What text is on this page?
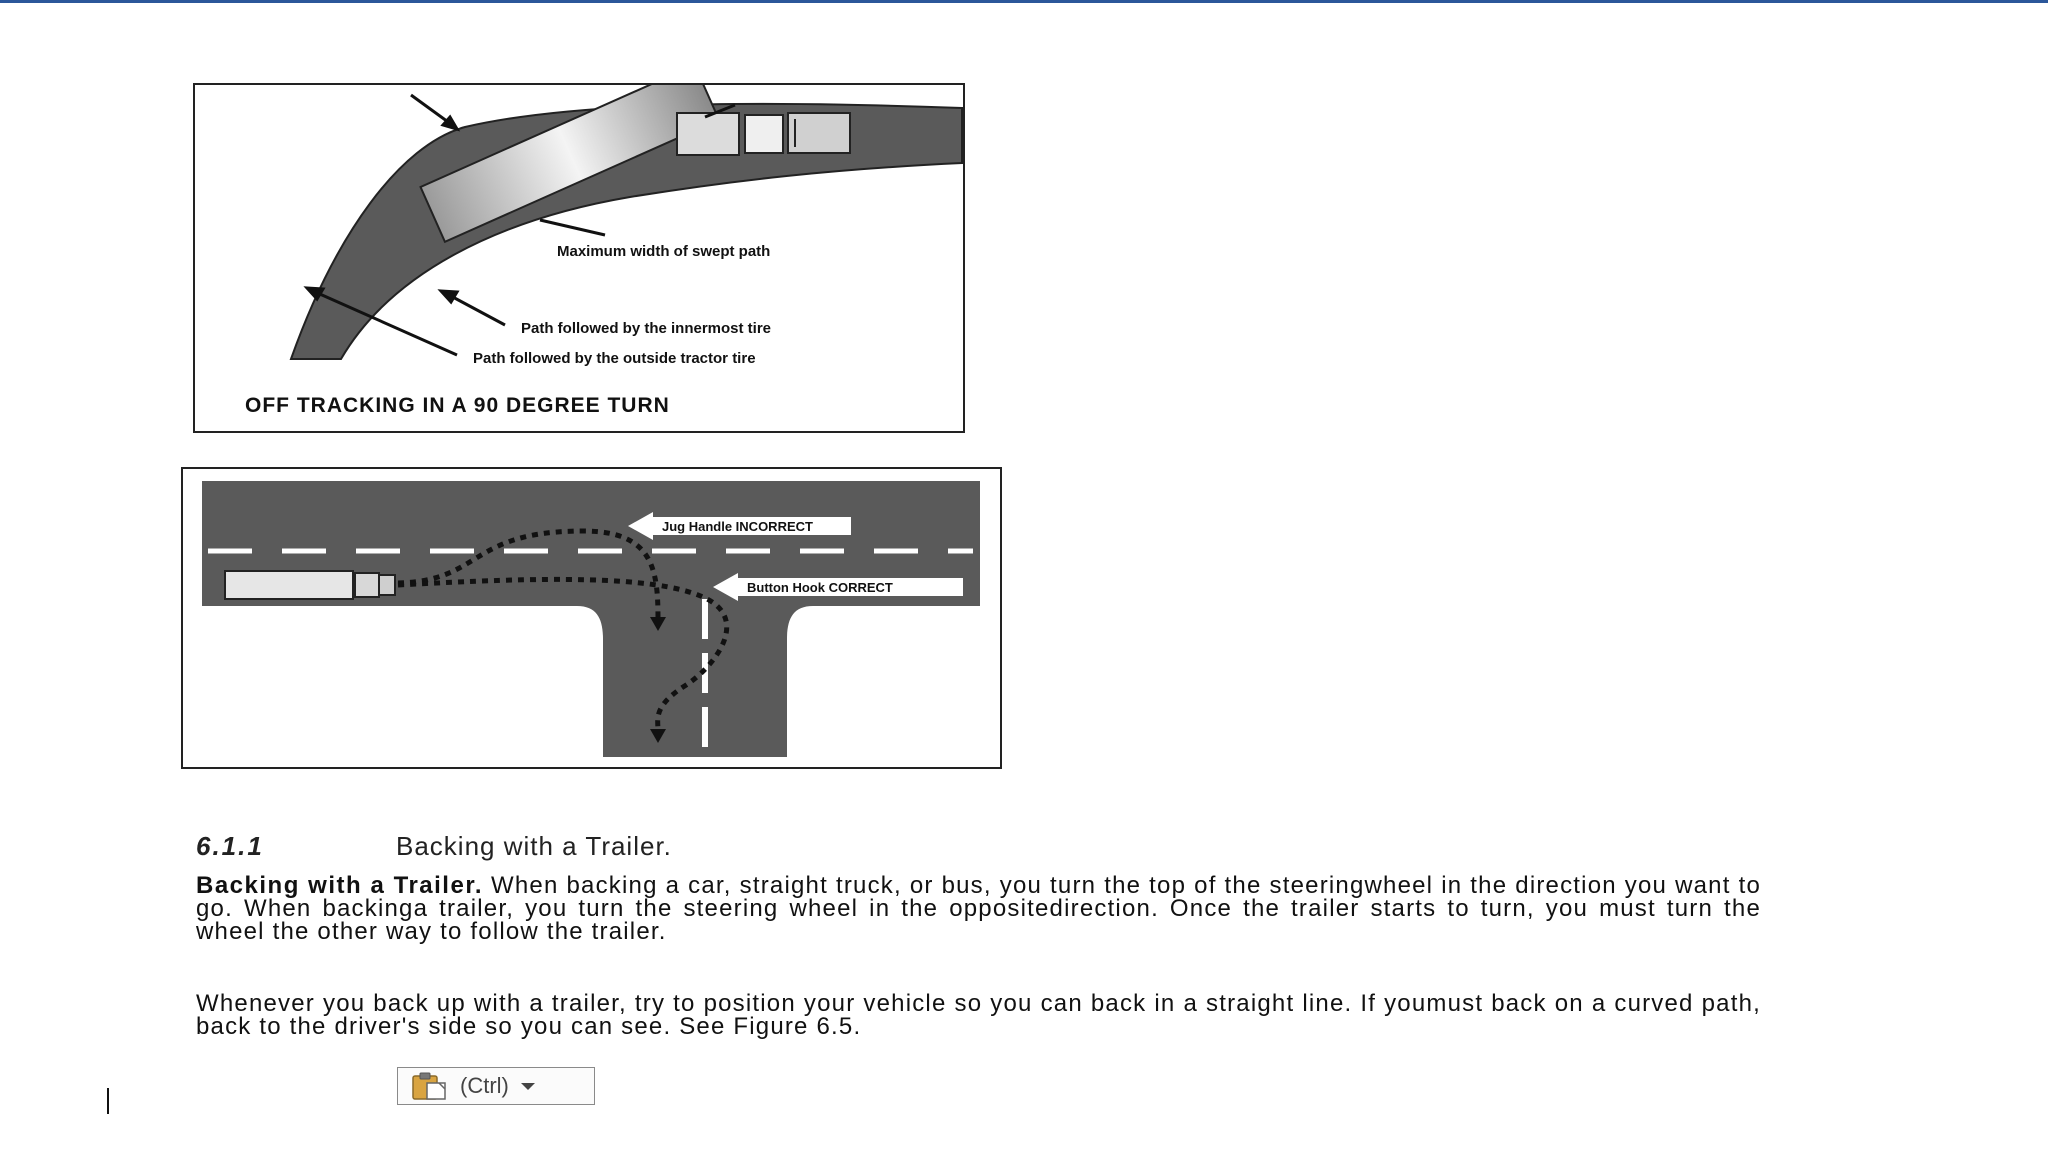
Maximum width of swept path
Path followed by the innermost tire
Path followed by the outside tractor tire
OFF TRACKING IN A 90 DEGREE TURN
Jug Handle INCORRECT
Button Hook CORRECT
6.1.1	Backing with a Trailer.
Backing with a Trailer. When backing a car, straight truck, or bus, you turn the top of the steeringwheel in the direction you want to go. When backinga trailer, you turn the steering wheel in the oppositedirection. Once the trailer starts to turn, you must turn the wheel the other way to follow the trailer.
Whenever you back up with a trailer, try to position your vehicle so you can back in a straight line. If youmust back on a curved path, back to the driver's side so you can see. See Figure 6.5.
(Ctrl)
